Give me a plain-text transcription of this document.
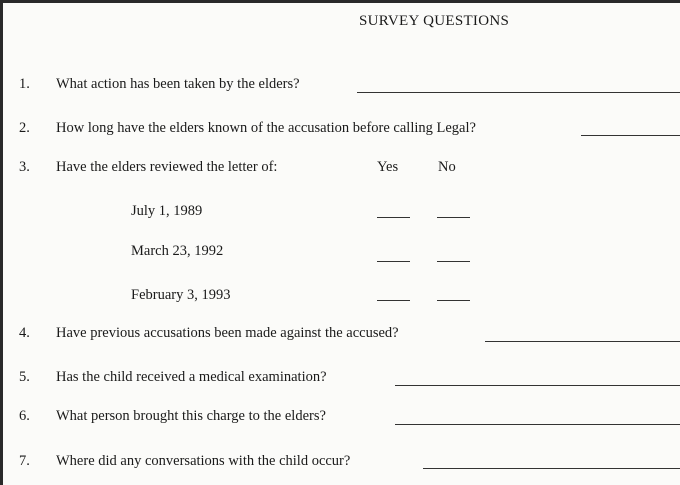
SURVEY QUESTIONS
1. What action has been taken by the elders?
2. How long have the elders known of the accusation before calling Legal?
3. Have the elders reviewed the letter of:	Yes	No
July 1, 1989
March 23, 1992
February 3, 1993
4. Have previous accusations been made against the accused?
5. Has the child received a medical examination?
6. What person brought this charge to the elders?
7. Where did any conversations with the child occur?
